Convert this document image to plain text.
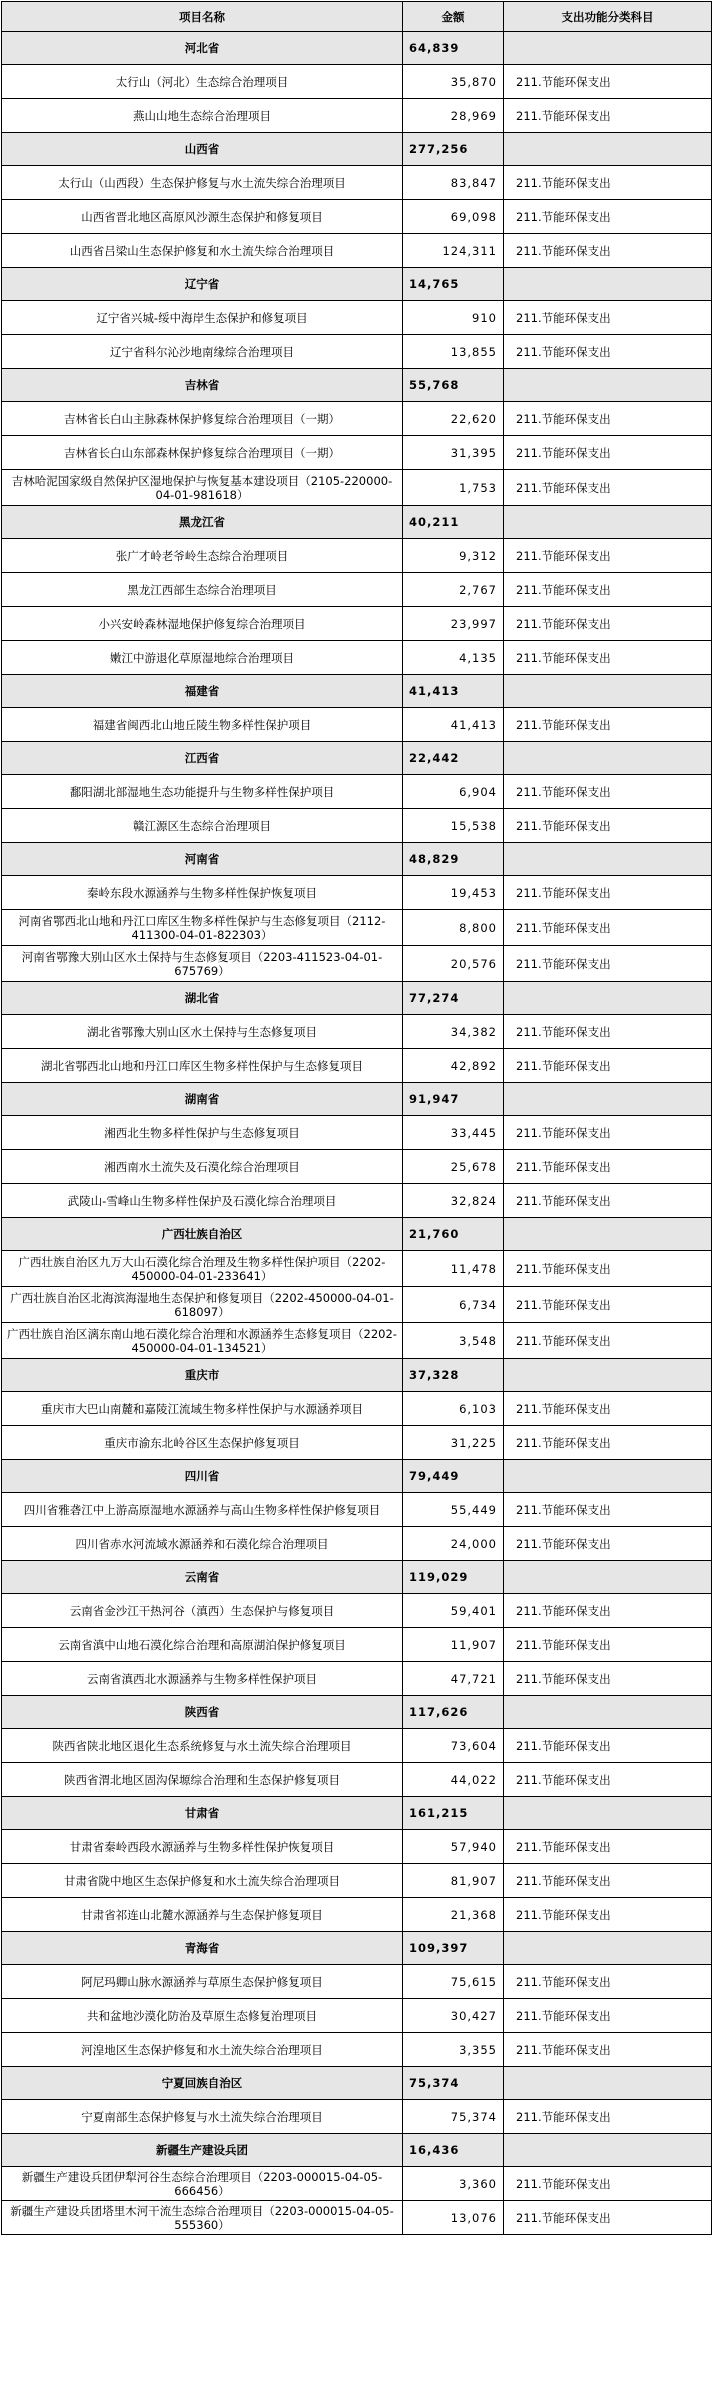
项目名称	金额	支出功能分类科目
河北省	64,839	
太行山（河北）生态综合治理项目	35,870	211.节能环保支出
燕山山地生态综合治理项目	28,969	211.节能环保支出
山西省	277,256	
太行山（山西段）生态保护修复与水土流失综合治理项目	83,847	211.节能环保支出
山西省晋北地区高原风沙源生态保护和修复项目	69,098	211.节能环保支出
山西省吕梁山生态保护修复和水土流失综合治理项目	124,311	211.节能环保支出
辽宁省	14,765	
辽宁省兴城-绥中海岸生态保护和修复项目	910	211.节能环保支出
辽宁省科尔沁沙地南缘综合治理项目	13,855	211.节能环保支出
吉林省	55,768	
吉林省长白山主脉森林保护修复综合治理项目（一期）	22,620	211.节能环保支出
吉林省长白山东部森林保护修复综合治理项目（一期）	31,395	211.节能环保支出
吉林哈泥国家级自然保护区湿地保护与恢复基本建设项目（2105-220000-04-01-981618）	1,753	211.节能环保支出
黑龙江省	40,211	
张广才岭老爷岭生态综合治理项目	9,312	211.节能环保支出
黑龙江西部生态综合治理项目	2,767	211.节能环保支出
小兴安岭森林湿地保护修复综合治理项目	23,997	211.节能环保支出
嫩江中游退化草原湿地综合治理项目	4,135	211.节能环保支出
福建省	41,413	
福建省闽西北山地丘陵生物多样性保护项目	41,413	211.节能环保支出
江西省	22,442	
鄱阳湖北部湿地生态功能提升与生物多样性保护项目	6,904	211.节能环保支出
赣江源区生态综合治理项目	15,538	211.节能环保支出
河南省	48,829	
秦岭东段水源涵养与生物多样性保护恢复项目	19,453	211.节能环保支出
河南省鄂西北山地和丹江口库区生物多样性保护与生态修复项目（2112-411300-04-01-822303）	8,800	211.节能环保支出
河南省鄂豫大别山区水土保持与生态修复项目（2203-411523-04-01-675769）	20,576	211.节能环保支出
湖北省	77,274	
湖北省鄂豫大别山区水土保持与生态修复项目	34,382	211.节能环保支出
湖北省鄂西北山地和丹江口库区生物多样性保护与生态修复项目	42,892	211.节能环保支出
湖南省	91,947	
湘西北生物多样性保护与生态修复项目	33,445	211.节能环保支出
湘西南水土流失及石漠化综合治理项目	25,678	211.节能环保支出
武陵山-雪峰山生物多样性保护及石漠化综合治理项目	32,824	211.节能环保支出
广西壮族自治区	21,760	
广西壮族自治区九万大山石漠化综合治理及生物多样性保护项目（2202-450000-04-01-233641）	11,478	211.节能环保支出
广西壮族自治区北海滨海湿地生态保护和修复项目（2202-450000-04-01-618097）	6,734	211.节能环保支出
广西壮族自治区漓东南山地石漠化综合治理和水源涵养生态修复项目（2202-450000-04-01-134521）	3,548	211.节能环保支出
重庆市	37,328	
重庆市大巴山南麓和嘉陵江流域生物多样性保护与水源涵养项目	6,103	211.节能环保支出
重庆市渝东北岭谷区生态保护修复项目	31,225	211.节能环保支出
四川省	79,449	
四川省雅砻江中上游高原湿地水源涵养与高山生物多样性保护修复项目	55,449	211.节能环保支出
四川省赤水河流域水源涵养和石漠化综合治理项目	24,000	211.节能环保支出
云南省	119,029	
云南省金沙江干热河谷（滇西）生态保护与修复项目	59,401	211.节能环保支出
云南省滇中山地石漠化综合治理和高原湖泊保护修复项目	11,907	211.节能环保支出
云南省滇西北水源涵养与生物多样性保护项目	47,721	211.节能环保支出
陕西省	117,626	
陕西省陕北地区退化生态系统修复与水土流失综合治理项目	73,604	211.节能环保支出
陕西省渭北地区固沟保塬综合治理和生态保护修复项目	44,022	211.节能环保支出
甘肃省	161,215	
甘肃省秦岭西段水源涵养与生物多样性保护恢复项目	57,940	211.节能环保支出
甘肃省陇中地区生态保护修复和水土流失综合治理项目	81,907	211.节能环保支出
甘肃省祁连山北麓水源涵养与生态保护修复项目	21,368	211.节能环保支出
青海省	109,397	
阿尼玛卿山脉水源涵养与草原生态保护修复项目	75,615	211.节能环保支出
共和盆地沙漠化防治及草原生态修复治理项目	30,427	211.节能环保支出
河湟地区生态保护修复和水土流失综合治理项目	3,355	211.节能环保支出
宁夏回族自治区	75,374	
宁夏南部生态保护修复与水土流失综合治理项目	75,374	211.节能环保支出
新疆生产建设兵团	16,436	
新疆生产建设兵团伊犁河谷生态综合治理项目（2203-000015-04-05-666456）	3,360	211.节能环保支出
新疆生产建设兵团塔里木河干流生态综合治理项目（2203-000015-04-05-555360）	13,076	211.节能环保支出
